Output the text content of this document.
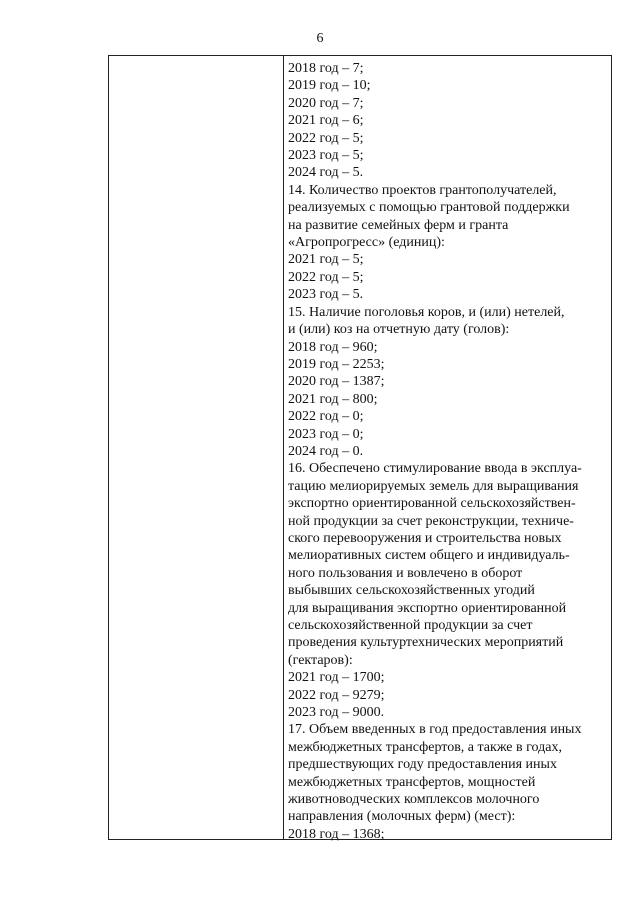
6
2018 год – 7;
2019 год – 10;
2020 год – 7;
2021 год – 6;
2022 год – 5;
2023 год – 5;
2024 год – 5.
14. Количество проектов грантополучателей,
реализуемых с помощью грантовой поддержки
на развитие семейных ферм и гранта
«Агропрогресс» (единиц):
2021 год – 5;
2022 год – 5;
2023 год – 5.
15. Наличие поголовья коров, и (или) нетелей,
и (или) коз на отчетную дату (голов):
2018 год – 960;
2019 год – 2253;
2020 год – 1387;
2021 год – 800;
2022 год – 0;
2023 год – 0;
2024 год – 0.
16. Обеспечено стимулирование ввода в эксплуа-
тацию мелиорируемых земель для выращивания
экспортно ориентированной сельскохозяйствен-
ной продукции за счет реконструкции, техниче-
ского перевооружения и строительства новых
мелиоративных систем общего и индивидуаль-
ного пользования и вовлечено в оборот
выбывших сельскохозяйственных угодий
для выращивания экспортно ориентированной
сельскохозяйственной продукции за счет
проведения культуртехнических мероприятий
(гектаров):
2021 год – 1700;
2022 год – 9279;
2023 год – 9000.
17. Объем введенных в год предоставления иных
межбюджетных трансфертов, а также в годах,
предшествующих году предоставления иных
межбюджетных трансфертов, мощностей
животноводческих комплексов молочного
направления (молочных ферм) (мест):
2018 год – 1368;
